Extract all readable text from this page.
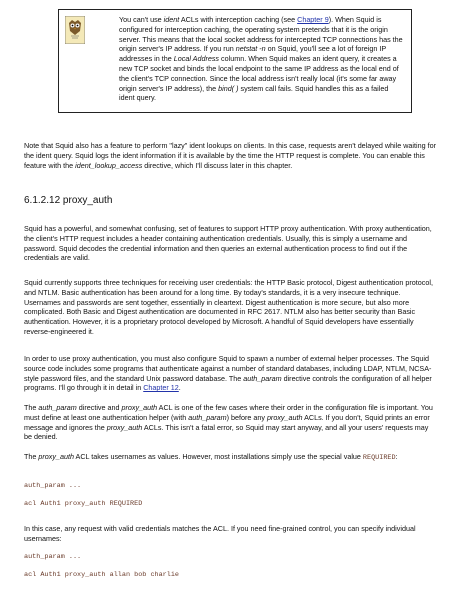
You can't use ident ACLs with interception caching (see Chapter 9). When Squid is configured for interception caching, the operating system pretends that it is the origin server. This means that the local socket address for intercepted TCP connections has the origin server's IP address. If you run netstat -n on Squid, you'll see a lot of foreign IP addresses in the Local Address column. When Squid makes an ident query, it creates a new TCP socket and binds the local endpoint to the same IP address as the local end of the client's TCP connection. Since the local address isn't really local (it's some far away origin server's IP address), the bind( ) system call fails. Squid handles this as a failed ident query.

Note that Squid also has a feature to perform "lazy" ident lookups on clients. In this case, requests aren't delayed while waiting for the ident query. Squid logs the ident information if it is available by the time the HTTP request is complete. You can enable this feature with the ident_lookup_access directive, which I'll discuss later in this chapter.

6.1.2.12 proxy_auth

Squid has a powerful, and somewhat confusing, set of features to support HTTP proxy authentication. With proxy authentication, the client's HTTP request includes a header containing authentication credentials. Usually, this is simply a username and password. Squid decodes the credential information and then queries an external authentication process to find out if the credentials are valid.

Squid currently supports three techniques for receiving user credentials: the HTTP Basic protocol, Digest authentication protocol, and NTLM. Basic authentication has been around for a long time. By today's standards, it is a very insecure technique. Usernames and passwords are sent together, essentially in cleartext. Digest authentication is more secure, but also more complicated. Both Basic and Digest authentication are documented in RFC 2617. NTLM also has better security than Basic authentication. However, it is a proprietary protocol developed by Microsoft. A handful of Squid developers have essentially reverse-engineered it.

In order to use proxy authentication, you must also configure Squid to spawn a number of external helper processes. The Squid source code includes some programs that authenticate against a number of standard databases, including LDAP, NTLM, NCSA-style password files, and the standard Unix password database. The auth_param directive controls the configuration of all helper programs. I'll go through it in detail in Chapter 12.

The auth_param directive and proxy_auth ACL is one of the few cases where their order in the configuration file is important. You must define at least one authentication helper (with auth_param) before any proxy_auth ACLs. If you don't, Squid prints an error message and ignores the proxy_auth ACLs. This isn't a fatal error, so Squid may start anyway, and all your users' requests may be denied.

The proxy_auth ACL takes usernames as values. However, most installations simply use the special value REQUIRED:

auth_param ...

acl Auth1 proxy_auth REQUIRED

In this case, any request with valid credentials matches the ACL. If you need fine-grained control, you can specify individual usernames:

auth_param ...

acl Auth1 proxy_auth allan bob charlie
